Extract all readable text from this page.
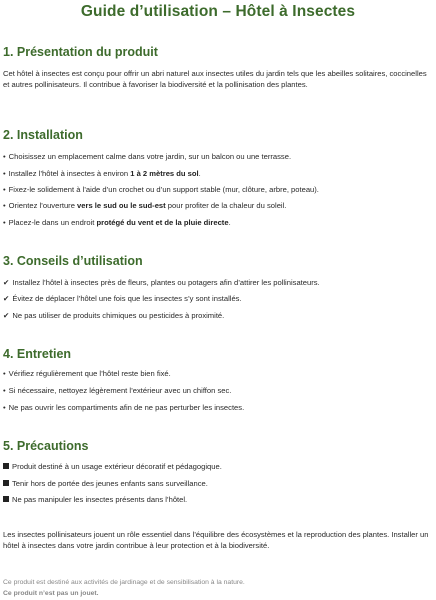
Guide d’utilisation – Hôtel à Insectes
1. Présentation du produit

Cet hôtel à insectes est conçu pour offrir un abri naturel aux insectes utiles du jardin tels que les abeilles solitaires, coccinelles et autres pollinisateurs. Il contribue à favoriser la biodiversité et la pollinisation des plantes.

2. Installation

• Choisissez un emplacement calme dans votre jardin, sur un balcon ou une terrasse.

• Installez l’hôtel à insectes à environ 1 à 2 mètres du sol.

• Fixez-le solidement à l’aide d’un crochet ou d’un support stable (mur, clôture, arbre, poteau).

• Orientez l’ouverture vers le sud ou le sud-est pour profiter de la chaleur du soleil.

• Placez-le dans un endroit protégé du vent et de la pluie directe.

3. Conseils d’utilisation

✔ Installez l’hôtel à insectes près de fleurs, plantes ou potagers afin d’attirer les pollinisateurs.

✔ Évitez de déplacer l’hôtel une fois que les insectes s’y sont installés.

✔ Ne pas utiliser de produits chimiques ou pesticides à proximité.

4. Entretien

• Vérifiez régulièrement que l’hôtel reste bien fixé.

• Si nécessaire, nettoyez légèrement l’extérieur avec un chiffon sec.

• Ne pas ouvrir les compartiments afin de ne pas perturber les insectes.

5. Précautions

Produit destiné à un usage extérieur décoratif et pédagogique.

Tenir hors de portée des jeunes enfants sans surveillance.

Ne pas manipuler les insectes présents dans l’hôtel.

Les insectes pollinisateurs jouent un rôle essentiel dans l’équilibre des écosystèmes et la reproduction des plantes. Installer un hôtel à insectes dans votre jardin contribue à leur protection et à la biodiversité.

Ce produit est destiné aux activités de jardinage et de sensibilisation à la nature.

Ce produit n’est pas un jouet.
